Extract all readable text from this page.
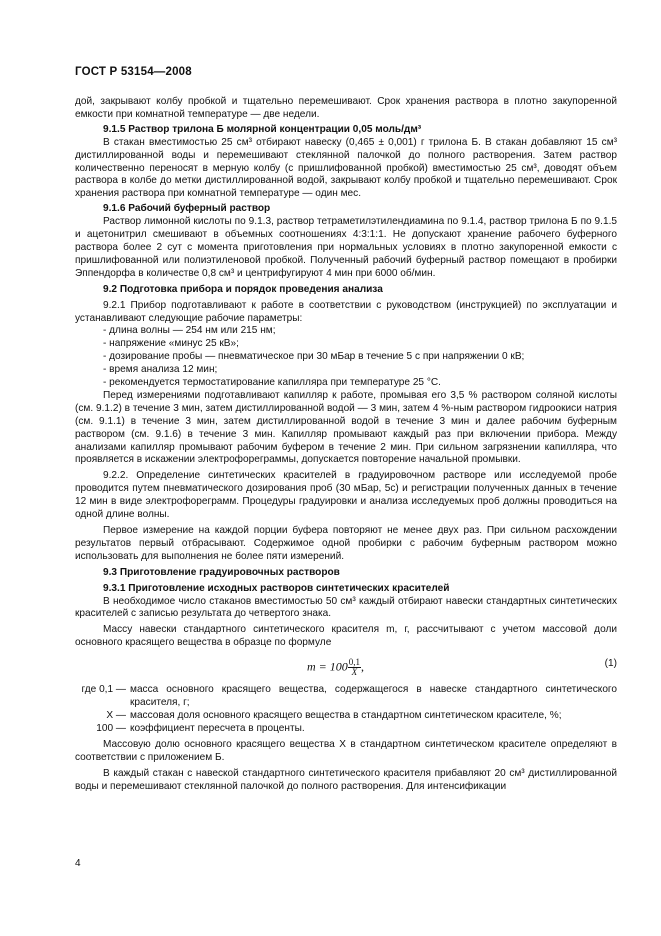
ГОСТ Р 53154—2008

дой, закрывают колбу пробкой и тщательно перемешивают. Срок хранения раствора в плотно закупоренной емкости при комнатной температуре — две недели.

9.1.5 Раствор трилона Б молярной концентрации 0,05 моль/дм³

В стакан вместимостью 25 см³ отбирают навеску (0,465 ± 0,001) г трилона Б. В стакан добавляют 15 см³ дистиллированной воды и перемешивают стеклянной палочкой до полного растворения. Затем раствор количественно переносят в мерную колбу (с пришлифованной пробкой) вместимостью 25 см³, доводят объем раствора в колбе до метки дистиллированной водой, закрывают колбу пробкой и тщательно перемешивают. Срок хранения раствора при комнатной температуре — один мес.

9.1.6 Рабочий буферный раствор

Раствор лимонной кислоты по 9.1.3, раствор тетраметилэтилендиамина по 9.1.4, раствор трилона Б по 9.1.5 и ацетонитрил смешивают в объемных соотношениях 4:3:1:1. Не допускают хранение рабочего буферного раствора более 2 сут с момента приготовления при нормальных условиях в плотно закупоренной емкости с пришлифованной или полиэтиленовой пробкой. Полученный рабочий буферный раствор помещают в пробирки Эппендорфа в количестве 0,8 см³ и центрифугируют 4 мин при 6000 об/мин.

9.2 Подготовка прибора и порядок проведения анализа

9.2.1 Прибор подготавливают к работе в соответствии с руководством (инструкцией) по эксплуатации и устанавливают следующие рабочие параметры:

- длина волны — 254 нм или 215 нм;

- напряжение «минус 25 кВ»;

- дозирование пробы — пневматическое при 30 мБар в течение 5 с при напряжении 0 кВ;

- время анализа 12 мин;

- рекомендуется термостатирование капилляра при температуре 25 °С.

Перед измерениями подготавливают капилляр к работе, промывая его 3,5 % раствором соляной кислоты (см. 9.1.2) в течение 3 мин, затем дистиллированной водой — 3 мин, затем 4 %-ным раствором гидроокиси натрия (см. 9.1.1) в течение 3 мин, затем дистиллированной водой в течение 3 мин и далее рабочим буферным раствором (см. 9.1.6) в течение 3 мин. Капилляр промывают каждый раз при включении прибора. Между анализами капилляр промывают рабочим буфером в течение 2 мин. При сильном загрязнении капилляра, что проявляется в искажении электрофореграммы, допускается повторение начальной промывки.

9.2.2. Определение синтетических красителей в градуировочном растворе или исследуемой пробе проводится путем пневматического дозирования проб (30 мБар, 5с) и регистрации полученных данных в течение 12 мин в виде электрофореграмм. Процедуры градуировки и анализа исследуемых проб должны проводиться на одной длине волны.

Первое измерение на каждой порции буфера повторяют не менее двух раз. При сильном расхождении результатов первый отбрасывают. Содержимое одной пробирки с рабочим буферным раствором можно использовать для выполнения не более пяти измерений.

9.3 Приготовление градуировочных растворов

9.3.1 Приготовление исходных растворов синтетических красителей

В необходимое число стаканов вместимостью 50 см³ каждый отбирают навески стандартных синтетических красителей с записью результата до четвертого знака.

Массу навески стандартного синтетического красителя m, г, рассчитывают с учетом массовой доли основного красящего вещества в образце по формуле

$m = 100 \frac{0,1}{X}$ ,	(1)
где 0,1 — масса основного красящего вещества, содержащегося в навеске стандартного синтетического красителя, г;
X — массовая доля основного красящего вещества в стандартном синтетическом красителе, %;
100 — коэффициент пересчета в проценты.

Массовую долю основного красящего вещества X в стандартном синтетическом красителе определяют в соответствии с приложением Б.

В каждый стакан с навеской стандартного синтетического красителя прибавляют 20 см³ дистиллированной воды и перемешивают стеклянной палочкой до полного растворения. Для интенсификации

4
